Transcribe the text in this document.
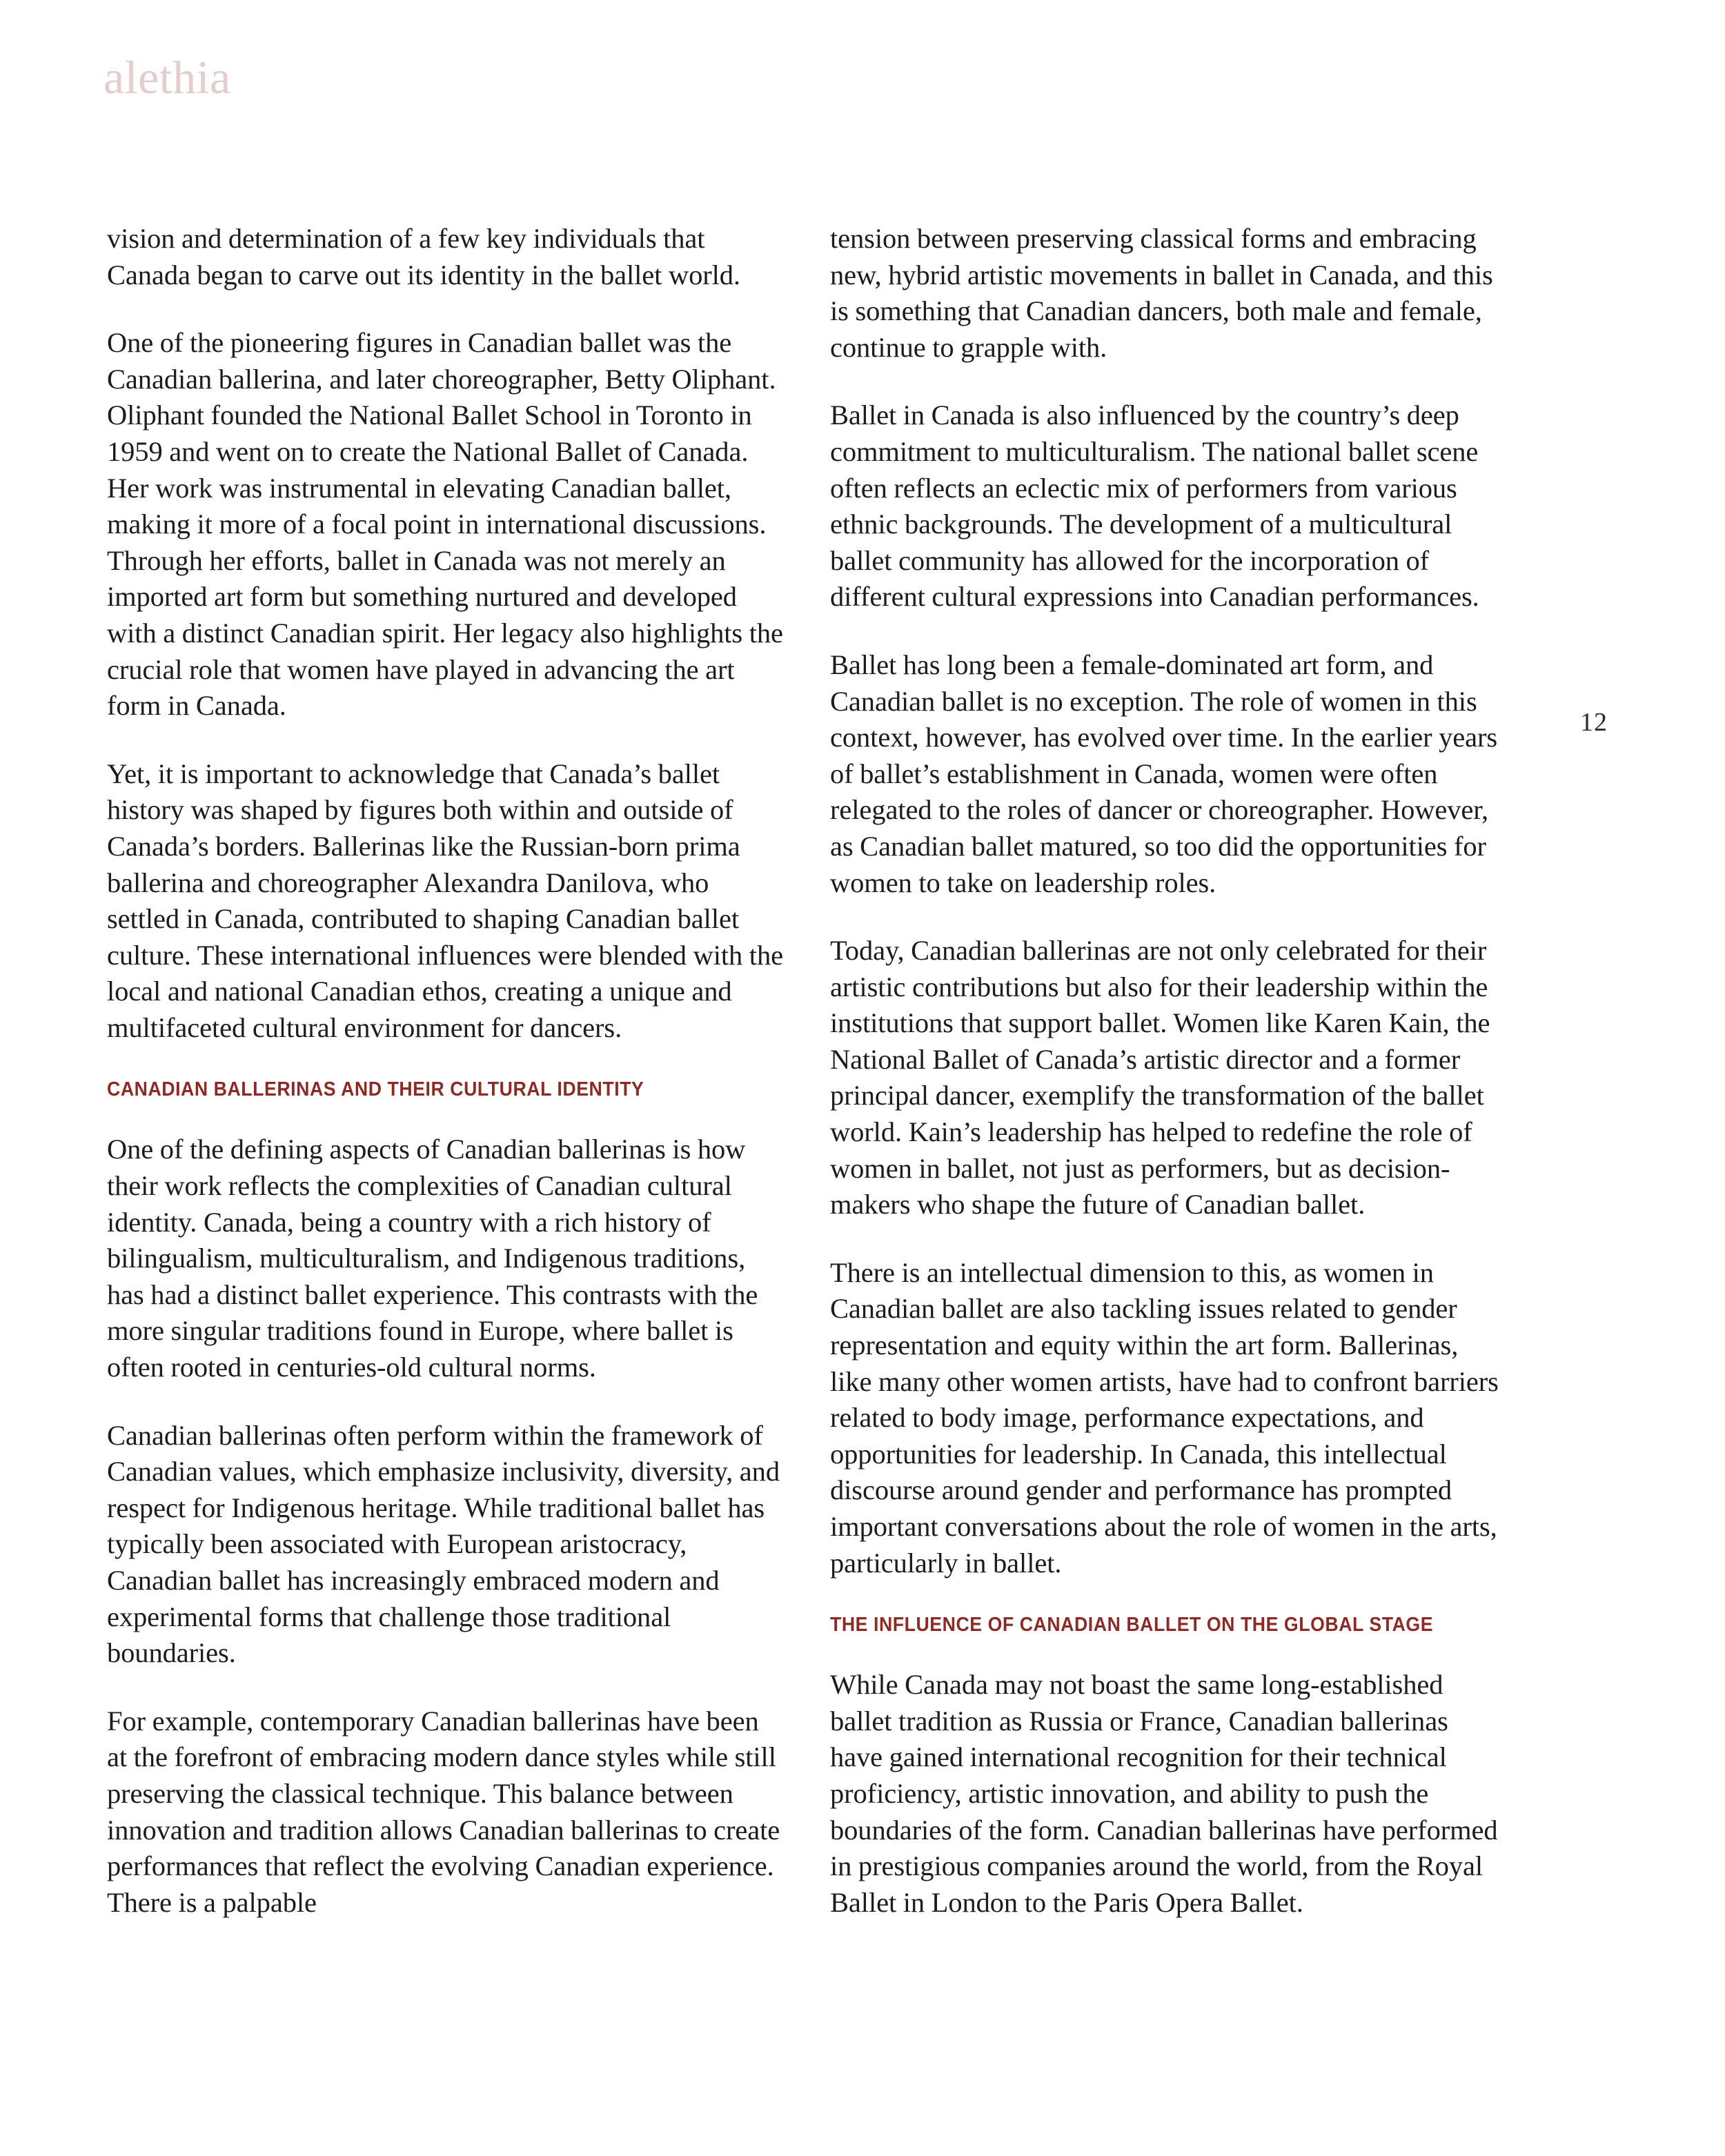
alethia
12

vision and determination of a few key individuals that Canada began to carve out its identity in the ballet world.

One of the pioneering figures in Canadian ballet was the Canadian ballerina, and later choreographer, Betty Oliphant. Oliphant founded the National Ballet School in Toronto in 1959 and went on to create the National Ballet of Canada. Her work was instrumental in elevating Canadian ballet, making it more of a focal point in international discussions. Through her efforts, ballet in Canada was not merely an imported art form but something nurtured and developed with a distinct Canadian spirit. Her legacy also highlights the crucial role that women have played in advancing the art form in Canada.

Yet, it is important to acknowledge that Canada’s ballet history was shaped by figures both within and outside of Canada’s borders. Ballerinas like the Russian-born prima ballerina and choreographer Alexandra Danilova, who settled in Canada, contributed to shaping Canadian ballet culture. These international influences were blended with the local and national Canadian ethos, creating a unique and multifaceted cultural environment for dancers.

CANADIAN BALLERINAS AND THEIR CULTURAL IDENTITY

One of the defining aspects of Canadian ballerinas is how their work reflects the complexities of Canadian cultural identity. Canada, being a country with a rich history of bilingualism, multiculturalism, and Indigenous traditions, has had a distinct ballet experience. This contrasts with the more singular traditions found in Europe, where ballet is often rooted in centuries-old cultural norms.

Canadian ballerinas often perform within the framework of Canadian values, which emphasize inclusivity, diversity, and respect for Indigenous heritage. While traditional ballet has typically been associated with European aristocracy, Canadian ballet has increasingly embraced modern and experimental forms that challenge those traditional boundaries.

For example, contemporary Canadian ballerinas have been at the forefront of embracing modern dance styles while still preserving the classical technique. This balance between innovation and tradition allows Canadian ballerinas to create performances that reflect the evolving Canadian experience. There is a palpable

tension between preserving classical forms and embracing new, hybrid artistic movements in ballet in Canada, and this is something that Canadian dancers, both male and female, continue to grapple with.

Ballet in Canada is also influenced by the country’s deep commitment to multiculturalism. The national ballet scene often reflects an eclectic mix of performers from various ethnic backgrounds. The development of a multicultural ballet community has allowed for the incorporation of different cultural expressions into Canadian performances.

Ballet has long been a female-dominated art form, and Canadian ballet is no exception. The role of women in this context, however, has evolved over time. In the earlier years of ballet’s establishment in Canada, women were often relegated to the roles of dancer or choreographer. However, as Canadian ballet matured, so too did the opportunities for women to take on leadership roles.

Today, Canadian ballerinas are not only celebrated for their artistic contributions but also for their leadership within the institutions that support ballet. Women like Karen Kain, the National Ballet of Canada’s artistic director and a former principal dancer, exemplify the transformation of the ballet world. Kain’s leadership has helped to redefine the role of women in ballet, not just as performers, but as decision-makers who shape the future of Canadian ballet.

There is an intellectual dimension to this, as women in Canadian ballet are also tackling issues related to gender representation and equity within the art form. Ballerinas, like many other women artists, have had to confront barriers related to body image, performance expectations, and opportunities for leadership. In Canada, this intellectual discourse around gender and performance has prompted important conversations about the role of women in the arts, particularly in ballet.

THE INFLUENCE OF CANADIAN BALLET ON THE GLOBAL STAGE

While Canada may not boast the same long-established ballet tradition as Russia or France, Canadian ballerinas have gained international recognition for their technical proficiency, artistic innovation, and ability to push the boundaries of the form. Canadian ballerinas have performed in prestigious companies around the world, from the Royal Ballet in London to the Paris Opera Ballet.
